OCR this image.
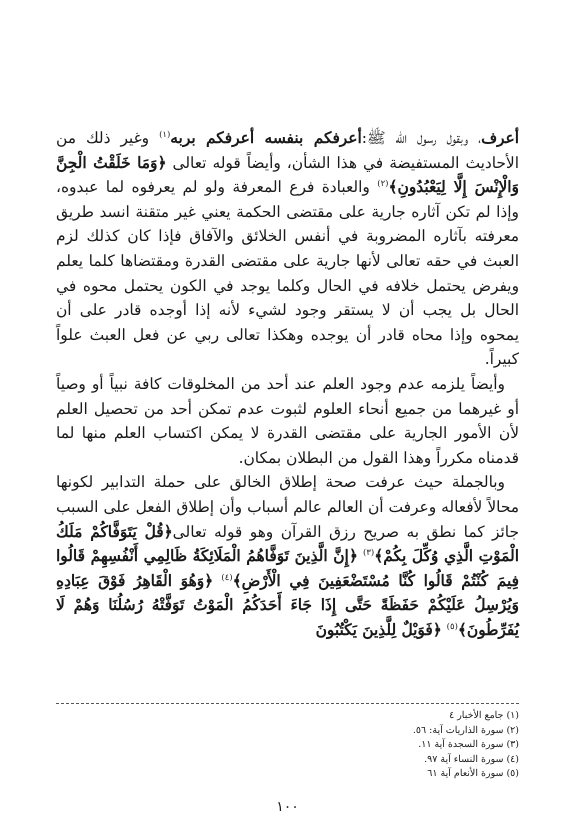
أعرف، وبقول رسول الله ﷺ:أعرفكم بنفسه أعرفكم بربه$^{(١)}$ وغير ذلك من الأحاديث المستفيضة في هذا الشأن، وأيضاً قوله تعالى ﴿وَمَا خَلَقْتُ الْجِنَّ وَالْإِنْسَ إِلَّا لِيَعْبُدُونِ﴾$^{(٢)}$ والعبادة فرع المعرفة ولو لم يعرفوه لما عبدوه، وإذا لم تكن آثاره جارية على مقتضى الحكمة يعني غير متقنة انسد طريق معرفته بآثاره المضروبة في أنفس الخلائق والآفاق فإذا كان كذلك لزم العبث في حقه تعالى لأنها جارية على مقتضى القدرة ومقتضاها كلما يعلم ويفرض يحتمل خلافه في الحال وكلما يوجد في الكون يحتمل محوه في الحال بل يجب أن لا يستقر وجود لشيء لأنه إذا أوجده قادر على أن يمحوه وإذا محاه قادر أن يوجده وهكذا تعالى ربي عن فعل العبث علواً كبيراً.

وأيضاً يلزمه عدم وجود العلم عند أحد من المخلوقات كافة نبياً أو وصياً أو غيرهما من جميع أنحاء العلوم لثبوت عدم تمكن أحد من تحصيل العلم لأن الأمور الجارية على مقتضى القدرة لا يمكن اكتساب العلم منها لما قدمناه مكرراً وهذا القول من البطلان بمكان.

وبالجملة حيث عرفت صحة إطلاق الخالق على حملة التدابير لكونها محالاً لأفعاله وعرفت أن العالم عالم أسباب وأن إطلاق الفعل على السبب جائز كما نطق به صريح رزق القرآن وهو قوله تعالى﴿قُلْ يَتَوَفَّاكُمْ مَلَكُ الْمَوْتِ الَّذِي وُكِّلَ بِكُمْ﴾$^{(٣)}$ ﴿إِنَّ الَّذِينَ تَوَفَّاهُمُ الْمَلَائِكَةُ ظَالِمِي أَنْفُسِهِمْ قَالُوا فِيمَ كُنْتُمْ قَالُوا كُنَّا مُسْتَضْعَفِينَ فِي الْأَرْضِ﴾$^{(٤)}$ ﴿وَهُوَ الْقَاهِرُ فَوْقَ عِبَادِهِ وَيُرْسِلُ عَلَيْكُمْ حَفَظَةً حَتَّى إِذَا جَاءَ أَحَدَكُمُ الْمَوْتُ تَوَفَّتْهُ رُسُلُنَا وَهُمْ لَا يُفَرِّطُونَ﴾$^{(٥)}$ ﴿فَوَيْلٌ لِلَّذِينَ يَكْتُبُونَ

(١) جامع الأخبار ٤
(٢) سورة الذاريات آية: ٥٦.
(٣) سورة السجدة آية ١١.
(٤) سورة النساء آية ٩٧.
(٥) سورة الأنعام آية ٦١
١٠٠
